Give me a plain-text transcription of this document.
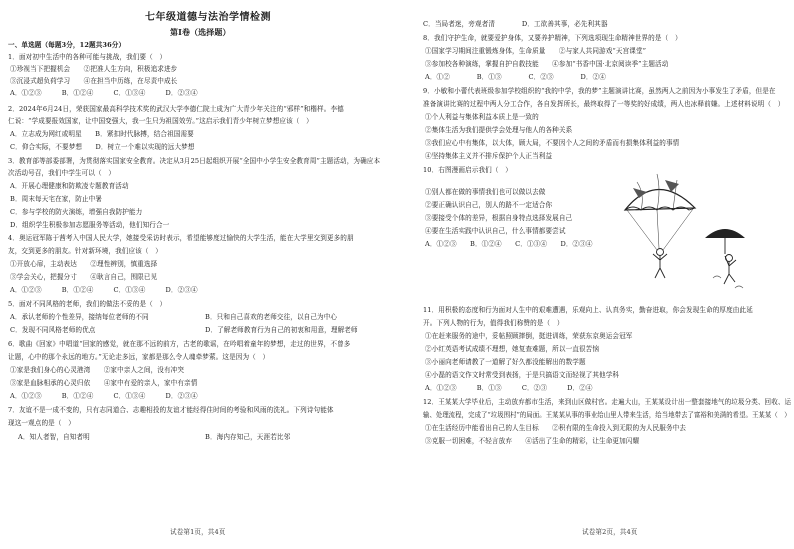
七年级道德与法治学情检测
第Ⅰ卷（选择题）
一、单选题（每题3分，12题共36分）
1．面对初中生活中的各种可能与挑战，我们要（　）
①珍视当下把握机会　　②把准人生方向，积极追求进步
③沉浸式超负荷学习　　④在担当中历练，在尽责中成长
A．①②③　　　B．①②④　　　C．①③④　　　D．②③④
2．2024年6月24日，荣获国家最高科学技术奖的武汉大学李德仁院士成为广大青少年关注的“邪样”和楷样。李德
仁说：“学成要报效国家，让中国变强大，我一生只为祖国效劳。”这启示我们青少年树立梦想应该（　）
A．立志成为网红或明星　　B．紧扣时代脉搏，结合祖国需要
C．仰合实际，不要梦想　　D．树立一个难以实现的远大梦想
3．教育部等部委部署，为贯彻落实国家安全教育。决定从3月25日起组织开展“全国中小学生安全教育周”主题活动，为确应本
次活动号召，我们中学生可以（　）
A．开展心理健康和防欺凌专题教育活动
B．周末每天宅在家，防止中暑
C．参与学校的防火演练，增强自我防护能力
D．组织学生积极参加志愿服务等活动，他们知行合一
4．奥运冠军陈于茜考入中国人民大学，她接受采访时表示，希望能够度过愉快的大学生活，能在大学里交到更多的朋
友，交到更多的朋友。针对新环境，我们应该（　）
①开放心扉，主动表达　　②理性辨别，慎重选择
③学会关心，把握分寸　　④耿言自己，围限已见
A．①②③　　　B．①②④　　　C．①③④　　　D．②③④
5．面对不同风格的老师，我们的做法不妥的是（　）
A．承认老师的个性差异，接纳每位老师的不同	B．只和自己喜欢的老师交往，以自己为中心
C．发现不同风格老师的优点	D．了解老师教育行为自己的初衷和用意，理解老师
6．歌曲《回家》中唱道“回家的感觉，就在那不远的前方，古老的歌谣，在吟唱着童年的梦想，走过的世界，不曾多
让题，心中的那个永远的地方。”无论走多远，家都是那么令人魂牵梦萦。这是因为（　）
①家是我们身心的心灵港湾　　②家中亲人之间，没有冲突
③家是血脉相承的心灵归依　　④家中有爱的亲人，家中有亲情
A．①②③　　　B．①②④　　　C．①③④　　　D．②③④
7．友谊不是一成不变的，只有志同道合、志趣相投的友谊才能经得住时间的考验和风雨的洗礼。下列诗句能体
现这一观点的是（　）
A．知人者智，自知者明	B．海内存知己，天涯若比邻
试卷第1页，共4页
C．当局者迷，旁观者清　　　　D．工欲善其事，必先利其器
8．我们守护生命，就要爱护身体，又要养护精神，下列选项现生命精神世界的是（　）
①国家学习期间注重锻炼身体，生命质量　　②与家人共同游戏“天宫课堂”
③参加校各种演练，掌握自护自救技能　　④参加“书香中国·北京阅读季”主题活动
A．①②　　　　B．①③　　　　C．②③　　　　D．②④
9．小敏和小蕾代表班级参加学校组织的“我的中学，我的梦”主题演讲比赛，虽然两人之前因为小事发生了矛盾，但是在
准备演讲比赛的过程中两人分工合作，各自发挥所长，最终取得了一等奖的好成绩，两人也冰释前嫌。上述材料说明（　）
①个人利益与集体利益本质上是一致的
②集体生活为我们提供学会处理与他人的各种关系
③我们应心中有集体，以大体，顾大局，不要因个人之间的矛盾而有损集体利益的事情
④坚持集体主义并不排斥保护个人正当利益
10．右图漫画启示我们（　）
①别人都在做的事情我们也可以做以去做
②要正确认识自己，别人的路不一定适合你
③要接受个体的差异，根据自身特点选择发展自己
④要在生活实践中认识自己，什么事情都要尝试
A．①②③　　B．①②④　　C．①③④　　D．②③④
11．用积极的态度和行为面对人生中的艰难遭遇，乐观向上、认真务实，勤奋进取，你会发现生命的厚度由此延
开。下列人物的行为，值得我们称赞的是（　）
①在赶来服务的途中，妥帖照顾摔倒，挺进训练，荣获东京奥运会冠军
②小红英语考试成绩不理想，她复查难题，所以一直很苦恼
③小丽向老师请教了一道解了好久都没能解出的数学题
④小磊的语文作文时常受到表扬，于是只搞语文而轻视了其他学科
A．①②③　　　B．①③　　　C．②③　　　D．②④
12．王某某大学毕业后，主动放弃都市生活，来到山区做村官。走遍大山，王某某设计出一整套接地气的垃圾分类、回收、运
输、处理流程，完成了“垃圾围村”的局面。王某某从事的事业给山里人带来生活，给当地带去了富裕和美满的希望。王某某（　）
①在生活经历中能看出自己的人生目标　　②积有限的生命投入到无限的为人民服务中去
③克服一切困难，不轻言放弃　　④活出了生命的精彩，让生命更加闪耀
试卷第2页，共4页
